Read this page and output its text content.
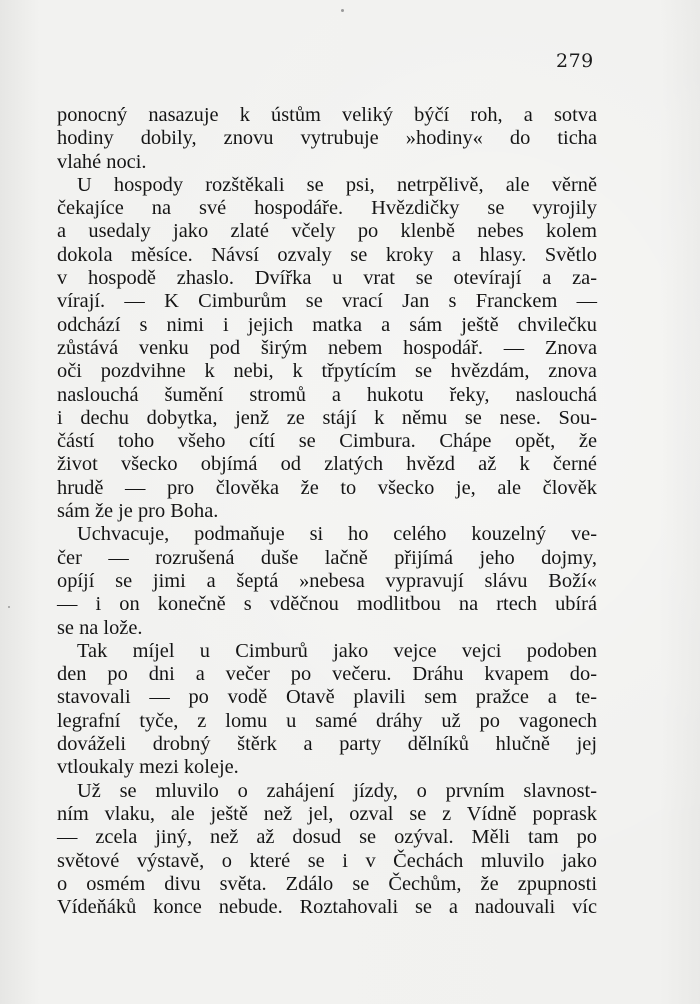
279
ponocný nasazuje k ústům veliký býčí roh, a sotva
hodiny dobily, znovu vytrubuje »hodiny« do ticha
vlahé noci.
U hospody rozštěkali se psi, netrpělivě, ale věrně
čekajíce na své hospodáře. Hvězdičky se vyrojily
a usedaly jako zlaté včely po klenbě nebes kolem
dokola měsíce. Návsí ozvaly se kroky a hlasy. Světlo
v hospodě zhaslo. Dvířka u vrat se otevírají a za-
vírají. — K Cimburům se vrací Jan s Franckem —
odchází s nimi i jejich matka a sám ještě chvilečku
zůstává venku pod širým nebem hospodář. — Znova
oči pozdvihne k nebi, k třpytícím se hvězdám, znova
naslouchá šumění stromů a hukotu řeky, naslouchá
i dechu dobytka, jenž ze stájí k němu se nese. Sou-
částí toho všeho cítí se Cimbura. Chápe opět, že
život všecko objímá od zlatých hvězd až k černé
hrudě — pro člověka že to všecko je, ale člověk
sám že je pro Boha.
Uchvacuje, podmaňuje si ho celého kouzelný ve-
čer — rozrušená duše lačně přijímá jeho dojmy,
opíjí se jimi a šeptá »nebesa vypravují slávu Boží«
— i on konečně s vděčnou modlitbou na rtech ubírá
se na lože.
Tak míjel u Cimburů jako vejce vejci podoben
den po dni a večer po večeru. Dráhu kvapem do-
stavovali — po vodě Otavě plavili sem pražce a te-
legrafní tyče, z lomu u samé dráhy už po vagonech
dováželi drobný štěrk a party dělníků hlučně jej
vtloukaly mezi koleje.
Už se mluvilo o zahájení jízdy, o prvním slavnost-
ním vlaku, ale ještě než jel, ozval se z Vídně poprask
— zcela jiný, než až dosud se ozýval. Měli tam po
světové výstavě, o které se i v Čechách mluvilo jako
o osmém divu světa. Zdálo se Čechům, že zpupnosti
Vídeňáků konce nebude. Roztahovali se a nadouvali víc
